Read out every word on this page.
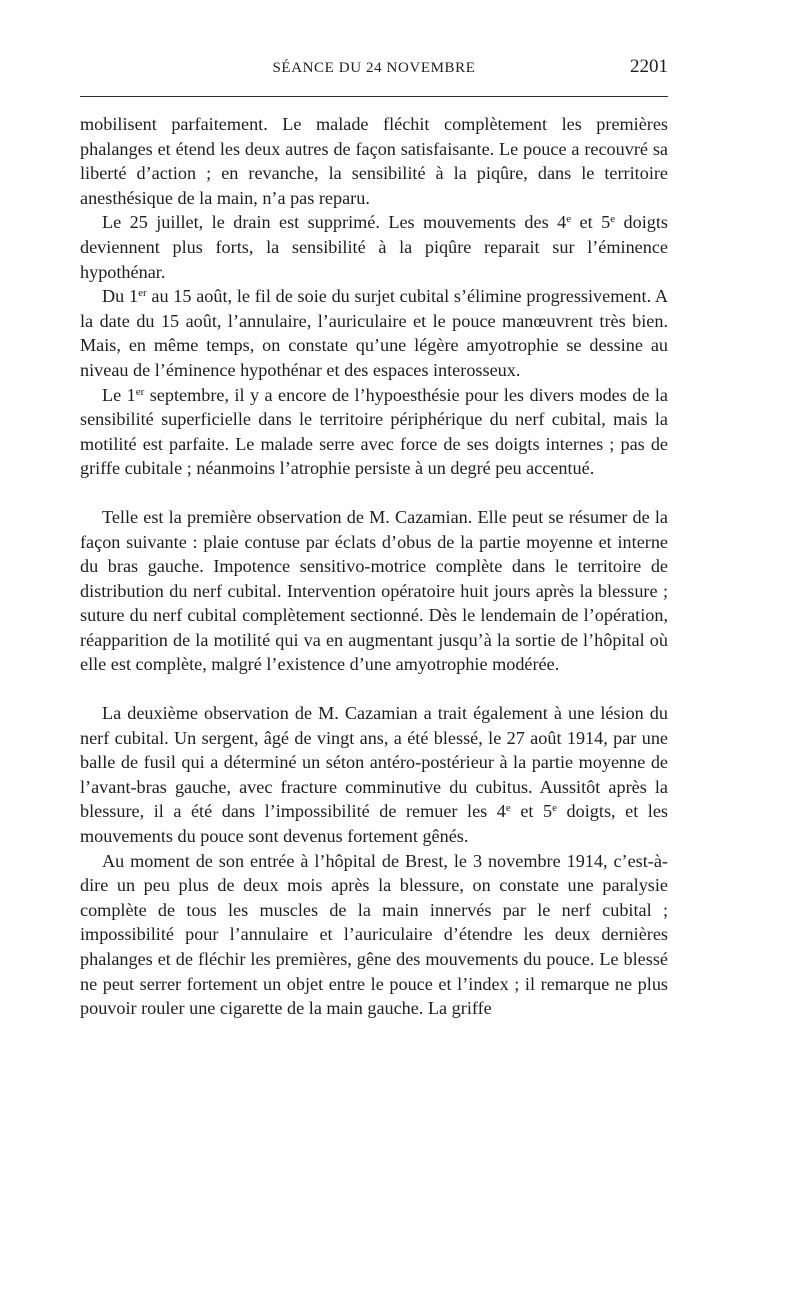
SÉANCE DU 24 NOVEMBRE	2201

mobilisent parfaitement. Le malade fléchit complètement les premières phalanges et étend les deux autres de façon satisfaisante. Le pouce a recouvré sa liberté d’action ; en revanche, la sensibilité à la piqûre, dans le territoire anesthésique de la main, n’a pas reparu.

Le 25 juillet, le drain est supprimé. Les mouvements des 4e et 5e doigts deviennent plus forts, la sensibilité à la piqûre reparait sur l’éminence hypothénar.

Du 1er au 15 août, le fil de soie du surjet cubital s’élimine progressivement. A la date du 15 août, l’annulaire, l’auriculaire et le pouce manœuvrent très bien. Mais, en même temps, on constate qu’une légère amyotrophie se dessine au niveau de l’éminence hypothénar et des espaces interosseux.

Le 1er septembre, il y a encore de l’hypoesthésie pour les divers modes de la sensibilité superficielle dans le territoire périphérique du nerf cubital, mais la motilité est parfaite. Le malade serre avec force de ses doigts internes ; pas de griffe cubitale ; néanmoins l’atrophie persiste à un degré peu accentué.

Telle est la première observation de M. Cazamian. Elle peut se résumer de la façon suivante : plaie contuse par éclats d’obus de la partie moyenne et interne du bras gauche. Impotence sensitivo-motrice complète dans le territoire de distribution du nerf cubital. Intervention opératoire huit jours après la blessure ; suture du nerf cubital complètement sectionné. Dès le lendemain de l’opération, réapparition de la motilité qui va en augmentant jusqu’à la sortie de l’hôpital où elle est complète, malgré l’existence d’une amyotrophie modérée.

La deuxième observation de M. Cazamian a trait également à une lésion du nerf cubital. Un sergent, âgé de vingt ans, a été blessé, le 27 août 1914, par une balle de fusil qui a déterminé un séton antéro-postérieur à la partie moyenne de l’avant-bras gauche, avec fracture comminutive du cubitus. Aussitôt après la blessure, il a été dans l’impossibilité de remuer les 4e et 5e doigts, et les mouvements du pouce sont devenus fortement gênés.

Au moment de son entrée à l’hôpital de Brest, le 3 novembre 1914, c’est-à-dire un peu plus de deux mois après la blessure, on constate une paralysie complète de tous les muscles de la main innervés par le nerf cubital ; impossibilité pour l’annulaire et l’auriculaire d’étendre les deux dernières phalanges et de fléchir les premières, gêne des mouvements du pouce. Le blessé ne peut serrer fortement un objet entre le pouce et l’index ; il remarque ne plus pouvoir rouler une cigarette de la main gauche. La griffe
